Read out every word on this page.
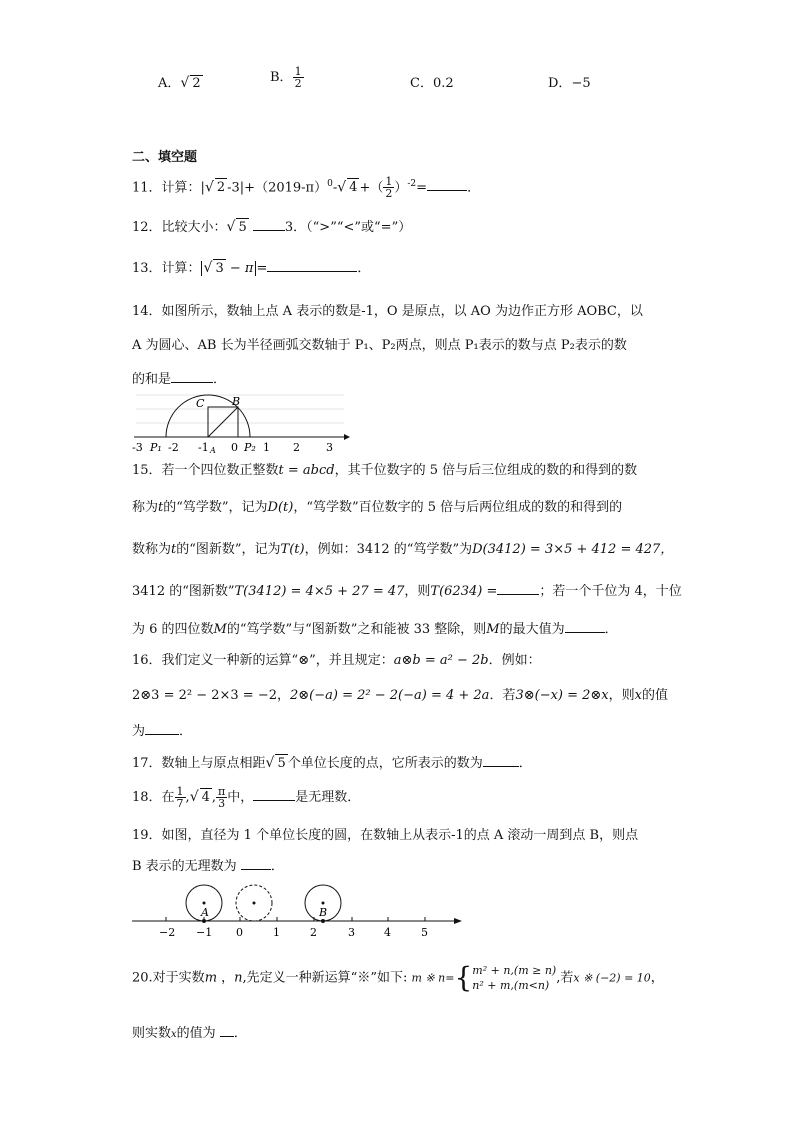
A．√ 2	B． $\frac{1}{2}$	C．0.2	D．−5
二、填空题
11．计算：|√ 2 $-3|+(2019-\pi)^0-√$ 4 +（ $\frac{1}{2} )^{-2}=$	．
12．比较大小：√ 5	3．（“>”“<”或“=”）
13．计算： √ 3 − π =	．
14．如图所示，数轴上点 A 表示的数是-1，O 是原点，以 AO 为边作正方形 AOBC，以
A 为圆心、AB 长为半径画弧交数轴于 P₁、P₂两点，则点 P₁表示的数与点 P₂表示的数
的和是	．
B
C
-3 P₁ -2 -1 A 0 P₂ 1 2 3
15．若一个四位数正整数t = abcd，其千位数字的 5 倍与后三位组成的数的和得到的数
称为t的“笃学数”，记为D(t)，“笃学数”百位数字的 5 倍与后两位组成的数的和得到的
数称为t的“图新数”，记为T(t)，例如：3412 的“笃学数”为D(3412) = 3×5 + 412 = 427，
3412 的“图新数”T(3412) = 4×5 + 27 = 47，则T(6234) =	；若一个千位为 4，十位
为 6 的四位数M的“笃学数”与“图新数”之和能被 33 整除，则M的最大值为	．
16．我们定义一种新的运算“⊗”，并且规定：a⊗b = a² − 2b．例如：
2⊗3 = 2² − 2×3 = −2，2⊗(−a) = 2² − 2(−a) = 4 + 2a．若3⊗(−x) = 2⊗x，则x的值
为	．
17．数轴上与原点相距√ 5 个单位长度的点，它所表示的数为	．
18．在 $\frac{1}{7}$ ,√ 4 , $\frac{\pi}{3}$ 中，	是无理数．
19．如图，直径为 1 个单位长度的圆，在数轴上从表示-1的点 A 滚动一周到点 B，则点
B 表示的无理数为	．
A	B
−2 −1 0	1	2	3	4	5
20.对于实数m ，n,先定义一种新运算“※”如下: m ※ n={ m² + n,(m ≥ n)
n² + m,(m<n) ,若x ※ (−2) = 10，
则实数x的值为 ．
